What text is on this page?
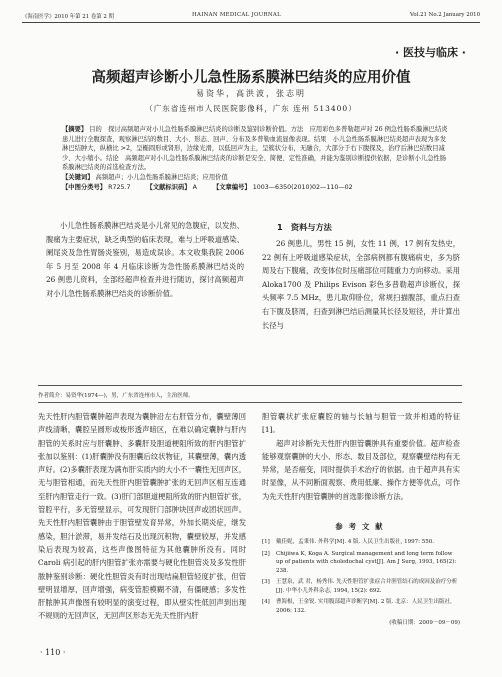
《海南医学》2010 年第 21 卷第 2 期	HAINAN MEDICAL JOURNAL	Vol.21 No.2 January 2010
· 医技与临床 ·
高频超声诊断小儿急性肠系膜淋巴结炎的应用价值
易资华，高洪波，张志明
（广东省连州市人民医院影像科，广东 连州 513400）
【摘要】 目的　探讨高频超声对小儿急性肠系膜淋巴结炎的诊断及鉴别诊断价值。方法　应用彩色多普勒超声对 26 例急性肠系膜淋巴结炎患儿进行全腹探查，观察淋巴结的数目、大小、形态、回声、分布及多普勒血流显像表现。结果　小儿急性肠系膜淋巴结炎超声表现为多发淋巴结肿大，纵横比 >2，呈椭圆形或肾形，边缘光滑，以低回声为主，呈簇状分布，无融合，大部分于右下腹探及，治疗后淋巴结数目减少、大小缩小。结论　高频超声对小儿急性肠系膜淋巴结炎的诊断是安全、简便、定性准确，并能为鉴别诊断提供依据，是诊断小儿急性肠系膜淋巴结炎的首选检查方法。
【关键词】 高频超声；小儿急性肠系膜淋巴结炎；应用价值
【中图分类号】 R725.7	【文献标识码】 A	【文章编号】 1003—6350(2010)02—110—02

小儿急性肠系膜淋巴结炎是小儿常见的急腹症，以发热、腹痛为主要症状，缺乏典型的临床表现，难与上呼吸道感染、阑尾炎及急性胃肠炎鉴别，易造成误诊。本文收集我院 2006 年 5 月至 2008 年 4 月临床诊断为急性肠系膜淋巴结炎的 26 例患儿资料，全部经超声检查并进行随访，探讨高频超声对小儿急性肠系膜淋巴结炎的诊断价值。

1　资料与方法

26 例患儿，男性 15 例，女性 11 例，17 例有发热史，22 例有上呼吸道感染症状，全部病例都有腹痛病史，多为脐周及右下腹痛，改变体位时压痛部位可随重力方向移动。采用 Aloka1700 及 Philips Evison 彩色多普勒超声诊断仪，探头频率 7.5 MHz，患儿取仰卧位，常规扫描腹部，重点扫查右下腹及脐周，扫查到淋巴结后测量其长径及短径，并计算出长径与

作者简介：易资华(1974—)，男，广东省连州市人，主治医师。

先天性肝内胆管囊肿超声表现为囊肿沿左右肝管分布，囊壁薄回声线清晰，囊腔呈圆形或梭形透声暗区，在难以确定囊肿与肝内胆管的关系时应与肝囊肿、多囊肝及胆道梗阻所致的肝内胆管扩张加以鉴别：(1)肝囊肿没有胆囊后纹状物征，其囊壁薄，囊内透声好。(2)多囊肝表现为满布肝实质内的大小不一囊性无回声区，无与胆管相通，而先天性肝内胆管囊肿扩张的无回声区相互连通至肝内胆管走行一致。(3)肝门部胆道梗阻所致的肝内胆管扩张，管腔平行，多无管壁显示，可发现肝门部肿块回声或团状回声。先天性肝内胆管囊肿由于胆管壁发育异常，外加长期炎症，继发感染，胆汁淤滞，易并发结石及出现沉积物，囊壁较厚，并发感染后表现为较高，这些声像图特征为其他囊肿所没有。同时 Caroli 病引起的肝内胆管扩张亦需要与硬化性胆管炎及多发性肝脓肿鉴别诊断：硬化性胆管炎有时出现结扁胆管轻度扩张，但管壁明显增厚，回声增强，病变管腔模糊不清，有僵硬感；多发性肝脓肿其声像图有较明显的演变过程，即从壁实性低回声到出现不规则的无回声区，无回声区形态无先天性肝内肝

胆管囊状扩张症囊腔的轴与长轴与胆管一致并相通的特征[1]。

超声对诊断先天性肝内胆管囊肿具有重要价值。超声检查能够观察囊肿的大小、形态、数目及部位，观察囊壁结构有无异常，是否癌变，同时提供手术治疗的依据。由于超声具有实时显像，从不同断面观察、费用低廉、操作方便等优点，可作为先天性肝内胆管囊肿的首选影像诊断方法。

参考文献
[1]	戴佳妮，孟秉伟. 外科学[M]. 4 版. 人民卫生出版社, 1997: 550.
[2]	Chijiiwa K, Koga A. Surgical management and long term follow up of patients with choledochal cyst[J]. Am J Surg, 1993, 165(2): 238.
[3]	王慧泉，武 君，杨秀伟. 先天性胆管扩张症合并胆管结石的成因及治疗分析[J]. 中华小儿外科杂志, 1994, 15(2): 692.
[4]	曹海根，王金锐. 实用腹部超声诊断学[M]. 2 版. 北京：人民卫生出版社, 2006: 132.
(收稿日期：2009－09－09)
· 110 ·
